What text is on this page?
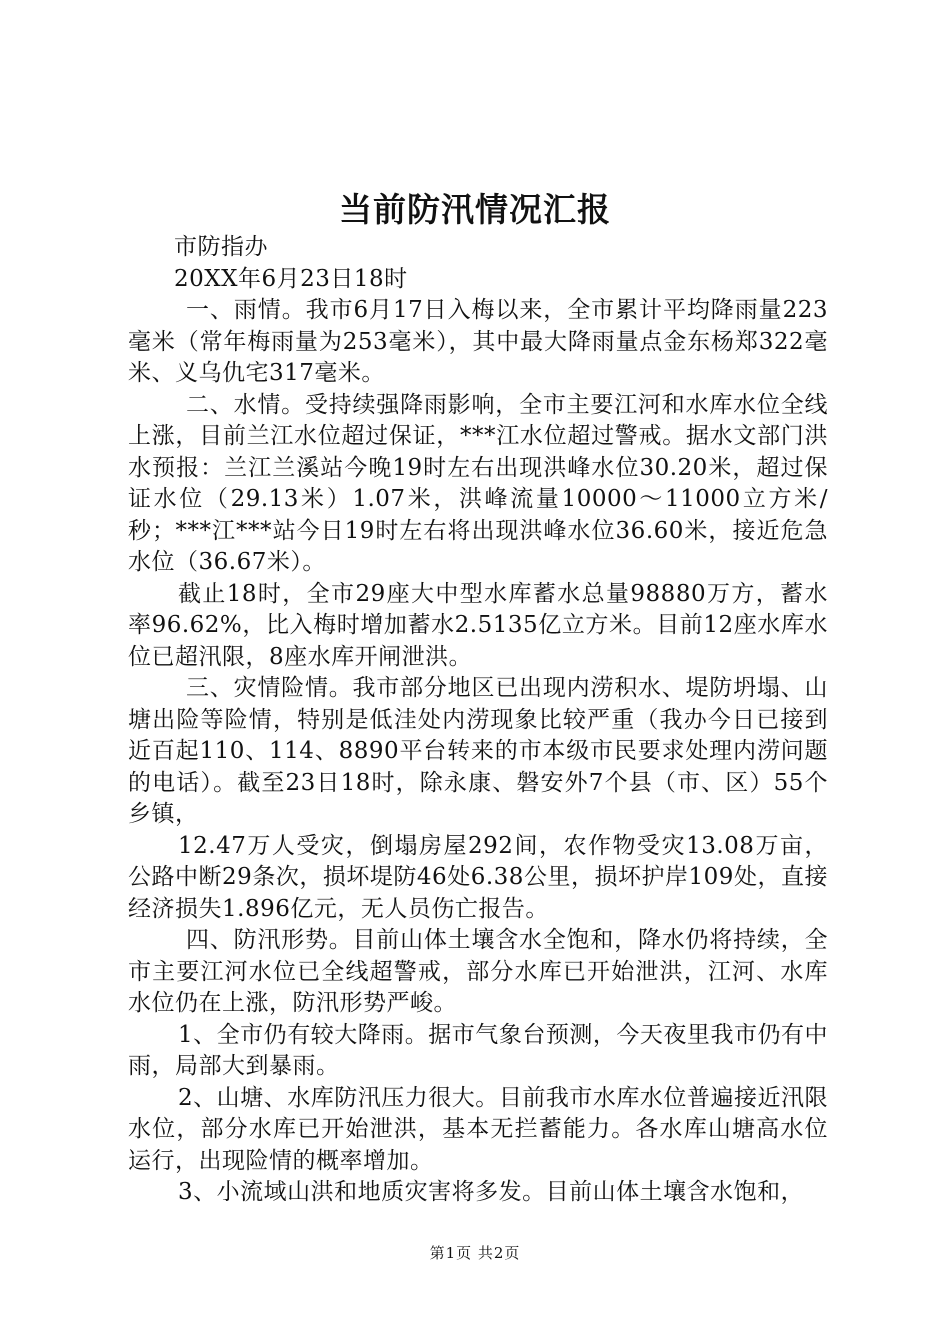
当前防汛情况汇报

市防指办

20XX年6月23日18时

一、雨情。我市6月17日入梅以来，全市累计平均降雨量223毫米（常年梅雨量为253毫米），其中最大降雨量点金东杨郑322毫米、义乌仇宅317毫米。

二、水情。受持续强降雨影响，全市主要江河和水库水位全线上涨，目前兰江水位超过保证，***江水位超过警戒。据水文部门洪水预报：兰江兰溪站今晚19时左右出现洪峰水位30.20米，超过保证水位（29.13米）1.07米，洪峰流量10000～11000立方米/秒；***江***站今日19时左右将出现洪峰水位36.60米，接近危急水位（36.67米）。

截止18时，全市29座大中型水库蓄水总量98880万方，蓄水率96.62%，比入梅时增加蓄水2.5135亿立方米。目前12座水库水位已超汛限，8座水库开闸泄洪。

三、灾情险情。我市部分地区已出现内涝积水、堤防坍塌、山塘出险等险情，特别是低洼处内涝现象比较严重（我办今日已接到近百起110、114、8890平台转来的市本级市民要求处理内涝问题的电话）。截至23日18时，除永康、磐安外7个县（市、区）55个乡镇，

12.47万人受灾，倒塌房屋292间，农作物受灾13.08万亩，公路中断29条次，损坏堤防46处6.38公里，损坏护岸109处，直接经济损失1.896亿元，无人员伤亡报告。

四、防汛形势。目前山体土壤含水全饱和，降水仍将持续，全市主要江河水位已全线超警戒，部分水库已开始泄洪，江河、水库水位仍在上涨，防汛形势严峻。

1、全市仍有较大降雨。据市气象台预测，今天夜里我市仍有中雨，局部大到暴雨。

2、山塘、水库防汛压力很大。目前我市水库水位普遍接近汛限水位，部分水库已开始泄洪，基本无拦蓄能力。各水库山塘高水位运行，出现险情的概率增加。

3、小流域山洪和地质灾害将多发。目前山体土壤含水饱和，

第1页 共2页
